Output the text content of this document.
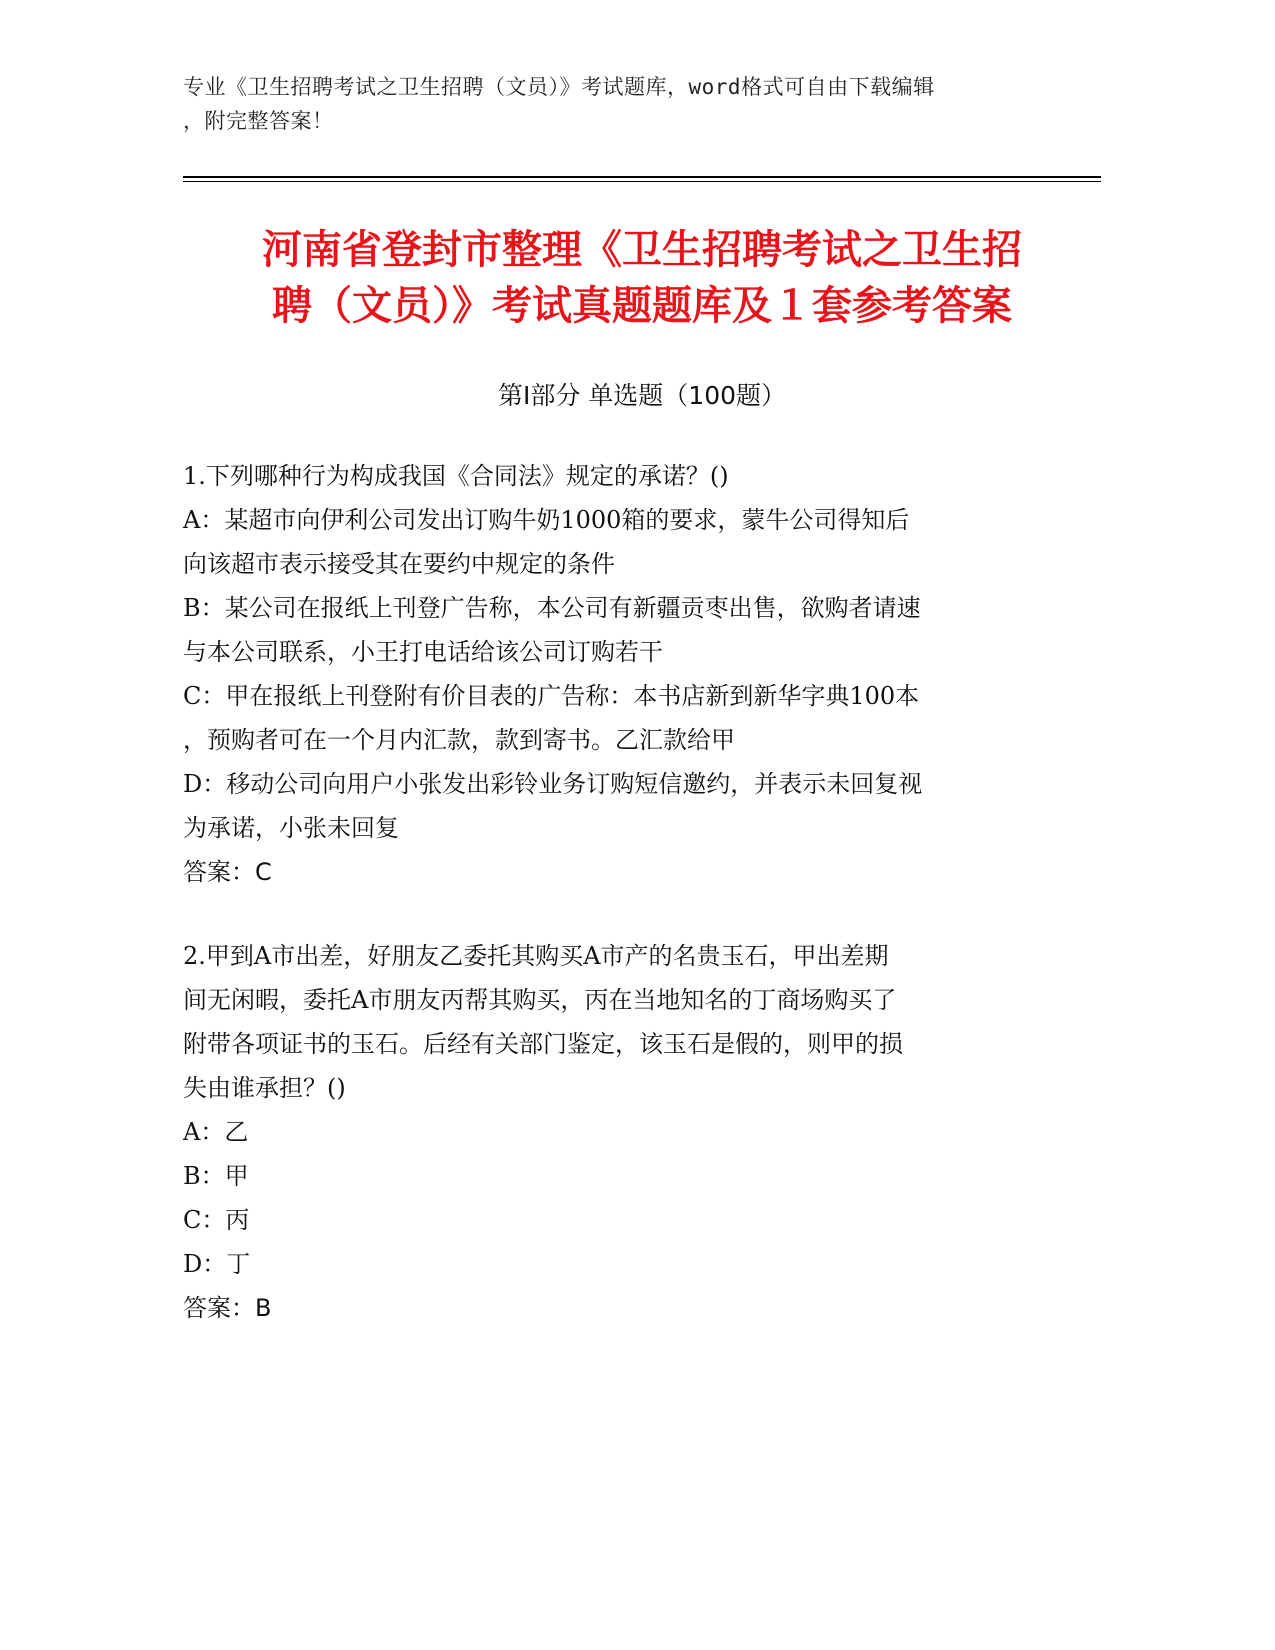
专业《卫生招聘考试之卫生招聘（文员）》考试题库，word格式可自由下载编辑
，附完整答案！
河南省登封市整理《卫生招聘考试之卫生招
聘（文员）》考试真题题库及１套参考答案
第Ⅰ部分 单选题（100题）
1.下列哪种行为构成我国《合同法》规定的承诺？()
A：某超市向伊利公司发出订购牛奶1000箱的要求，蒙牛公司得知后
向该超市表示接受其在要约中规定的条件
B：某公司在报纸上刊登广告称，本公司有新疆贡枣出售，欲购者请速
与本公司联系，小王打电话给该公司订购若干
C：甲在报纸上刊登附有价目表的广告称：本书店新到新华字典100本
，预购者可在一个月内汇款，款到寄书。乙汇款给甲
D：移动公司向用户小张发出彩铃业务订购短信邀约，并表示未回复视
为承诺，小张未回复
答案：C
2.甲到A市出差，好朋友乙委托其购买A市产的名贵玉石，甲出差期
间无闲暇，委托A市朋友丙帮其购买，丙在当地知名的丁商场购买了
附带各项证书的玉石。后经有关部门鉴定，该玉石是假的，则甲的损
失由谁承担？()
A：乙
B：甲
C：丙
D：丁
答案：B
